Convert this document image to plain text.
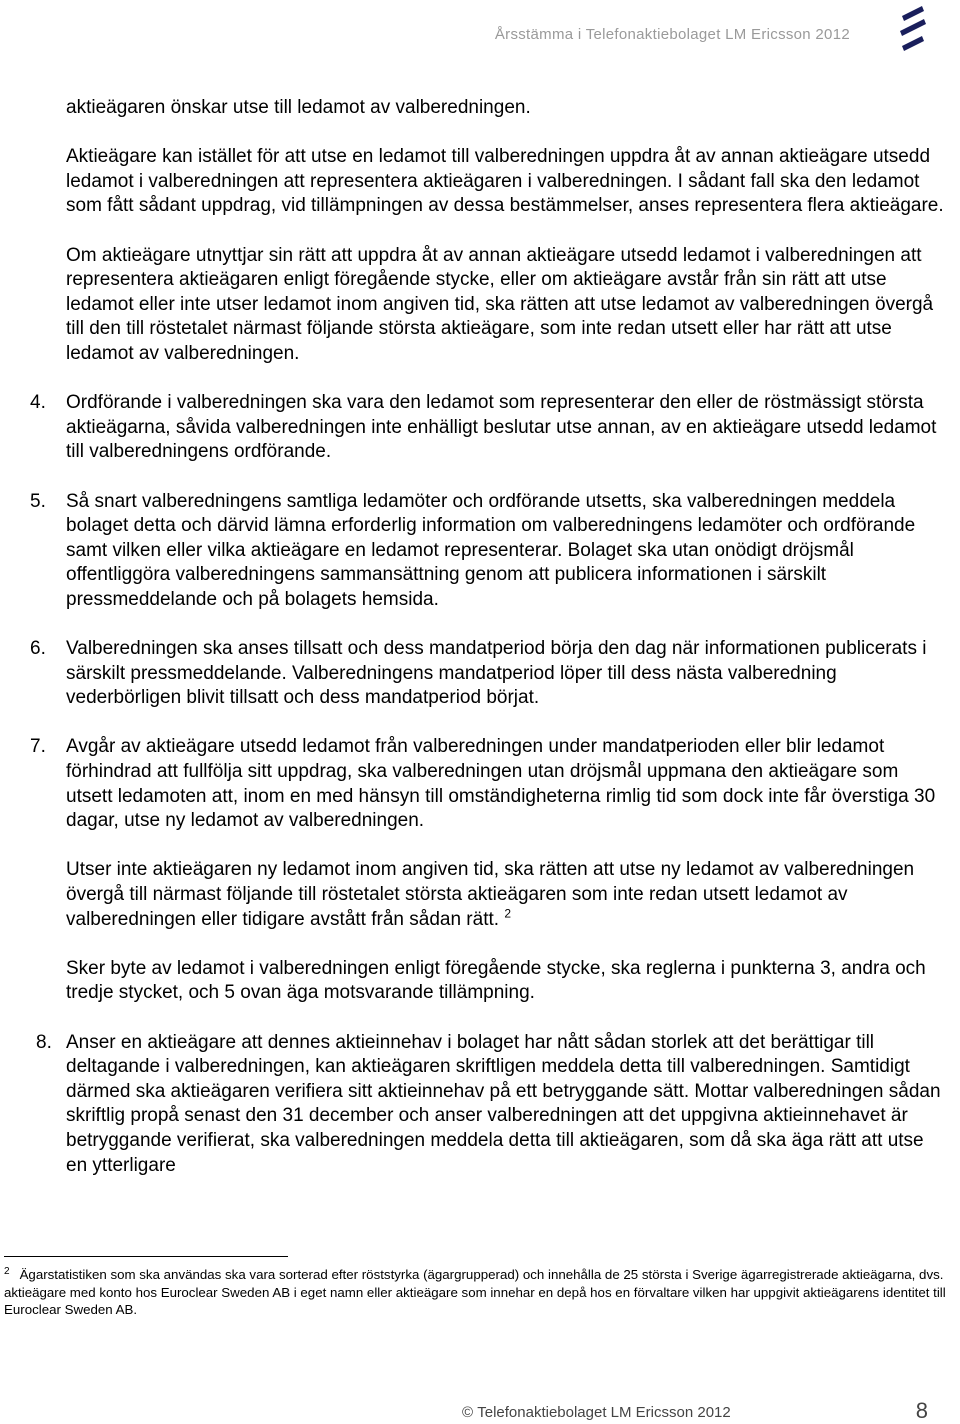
Årsstämma i Telefonaktiebolaget LM Ericsson 2012

aktieägaren önskar utse till ledamot av valberedningen.

Aktieägare kan istället för att utse en ledamot till valberedningen uppdra åt av annan aktieägare utsedd ledamot i valberedningen att representera aktieägaren i valberedningen. I sådant fall ska den ledamot som fått sådant uppdrag, vid tillämpningen av dessa bestämmelser, anses representera flera aktieägare.

Om aktieägare utnyttjar sin rätt att uppdra åt av annan aktieägare utsedd ledamot i valberedningen att representera aktieägaren enligt föregående stycke, eller om aktieägare avstår från sin rätt att utse ledamot eller inte utser ledamot inom angiven tid, ska rätten att utse ledamot av valberedningen övergå till den till röstetalet närmast följande största aktieägare, som inte redan utsett eller har rätt att utse ledamot av valberedningen.

4. Ordförande i valberedningen ska vara den ledamot som representerar den eller de röstmässigt största aktieägarna, såvida valberedningen inte enhälligt beslutar utse annan, av en aktieägare utsedd ledamot till valberedningens ordförande.

5. Så snart valberedningens samtliga ledamöter och ordförande utsetts, ska valberedningen meddela bolaget detta och därvid lämna erforderlig information om valberedningens ledamöter och ordförande samt vilken eller vilka aktieägare en ledamot representerar. Bolaget ska utan onödigt dröjsmål offentliggöra valberedningens sammansättning genom att publicera informationen i särskilt pressmeddelande och på bolagets hemsida.

6. Valberedningen ska anses tillsatt och dess mandatperiod börja den dag när informationen publicerats i särskilt pressmeddelande. Valberedningens mandatperiod löper till dess nästa valberedning vederbörligen blivit tillsatt och dess mandatperiod börjat.

7. Avgår av aktieägare utsedd ledamot från valberedningen under mandatperioden eller blir ledamot förhindrad att fullfölja sitt uppdrag, ska valberedningen utan dröjsmål uppmana den aktieägare som utsett ledamoten att, inom en med hänsyn till omständigheterna rimlig tid som dock inte får överstiga 30 dagar, utse ny ledamot av valberedningen.

Utser inte aktieägaren ny ledamot inom angiven tid, ska rätten att utse ny ledamot av valberedningen övergå till närmast följande till röstetalet största aktieägaren som inte redan utsett ledamot av valberedningen eller tidigare avstått från sådan rätt. $^2$

Sker byte av ledamot i valberedningen enligt föregående stycke, ska reglerna i punkterna 3, andra och tredje stycket, och 5 ovan äga motsvarande tillämpning.

8. Anser en aktieägare att dennes aktieinnehav i bolaget har nått sådan storlek att det berättigar till deltagande i valberedningen, kan aktieägaren skriftligen meddela detta till valberedningen. Samtidigt därmed ska aktieägaren verifiera sitt aktieinnehav på ett betryggande sätt. Mottar valberedningen sådan skriftlig propå senast den 31 december och anser valberedningen att det uppgivna aktieinnehavet är betryggande verifierat, ska valberedningen meddela detta till aktieägaren, som då ska äga rätt att utse en ytterligare

$^2$ Ägarstatistiken som ska användas ska vara sorterad efter röststyrka (ägargrupperad) och innehålla de 25 största i Sverige ägarregistrerade aktieägarna, dvs. aktieägare med konto hos Euroclear Sweden AB i eget namn eller aktieägare som innehar en depå hos en förvaltare vilken har uppgivit aktieägarens identitet till Euroclear Sweden AB.
© Telefonaktiebolaget LM Ericsson 2012	8
